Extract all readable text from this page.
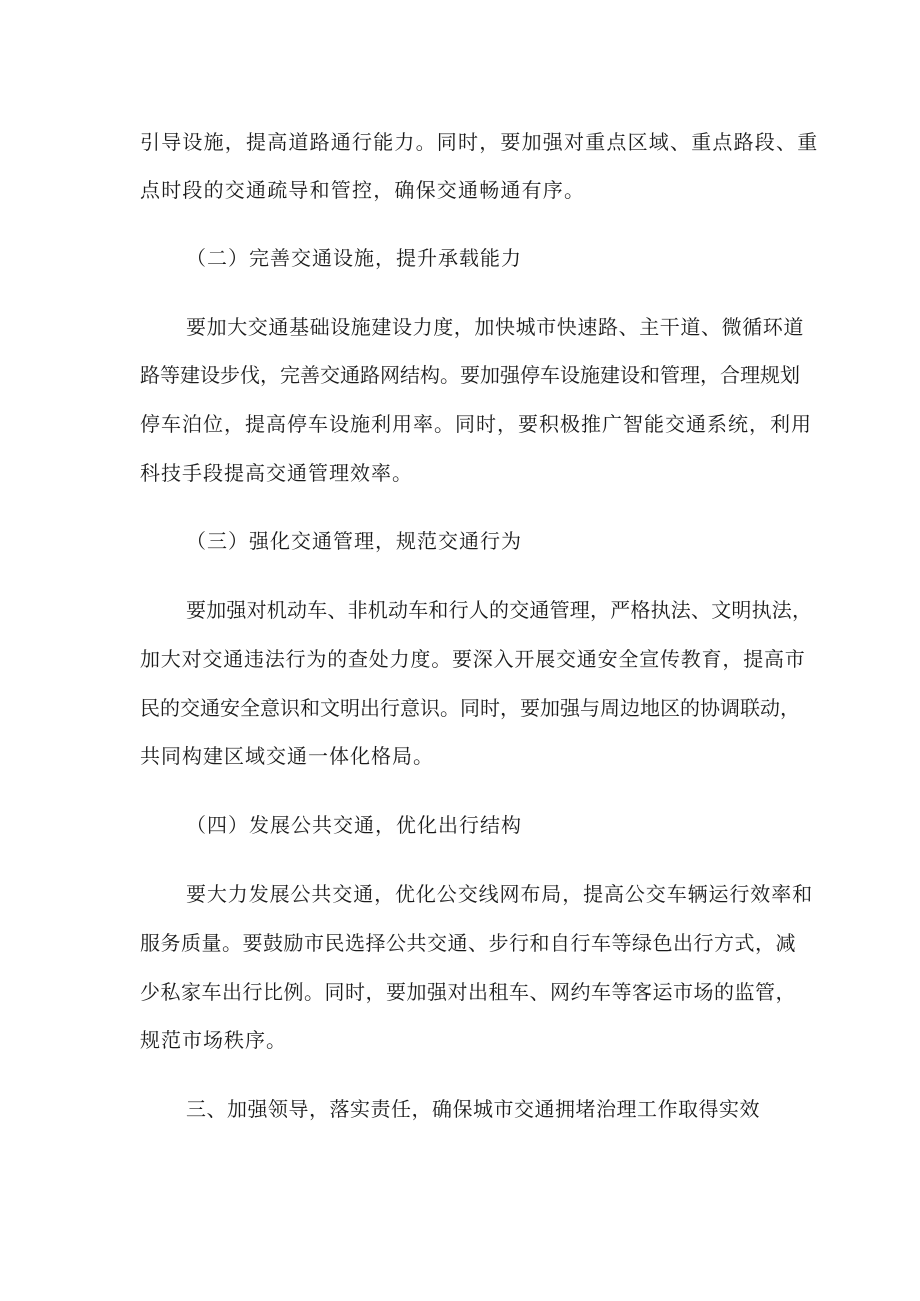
引导设施，提高道路通行能力。同时，要加强对重点区域、重点路段、重
点时段的交通疏导和管控，确保交通畅通有序。
（二）完善交通设施，提升承载能力
要加大交通基础设施建设力度，加快城市快速路、主干道、微循环道
路等建设步伐，完善交通路网结构。要加强停车设施建设和管理，合理规划
停车泊位，提高停车设施利用率。同时，要积极推广智能交通系统，利用
科技手段提高交通管理效率。
（三）强化交通管理，规范交通行为
要加强对机动车、非机动车和行人的交通管理，严格执法、文明执法，
加大对交通违法行为的查处力度。要深入开展交通安全宣传教育，提高市
民的交通安全意识和文明出行意识。同时，要加强与周边地区的协调联动，
共同构建区域交通一体化格局。
（四）发展公共交通，优化出行结构
要大力发展公共交通，优化公交线网布局，提高公交车辆运行效率和
服务质量。要鼓励市民选择公共交通、步行和自行车等绿色出行方式，减
少私家车出行比例。同时，要加强对出租车、网约车等客运市场的监管，
规范市场秩序。
三、加强领导，落实责任，确保城市交通拥堵治理工作取得实效
